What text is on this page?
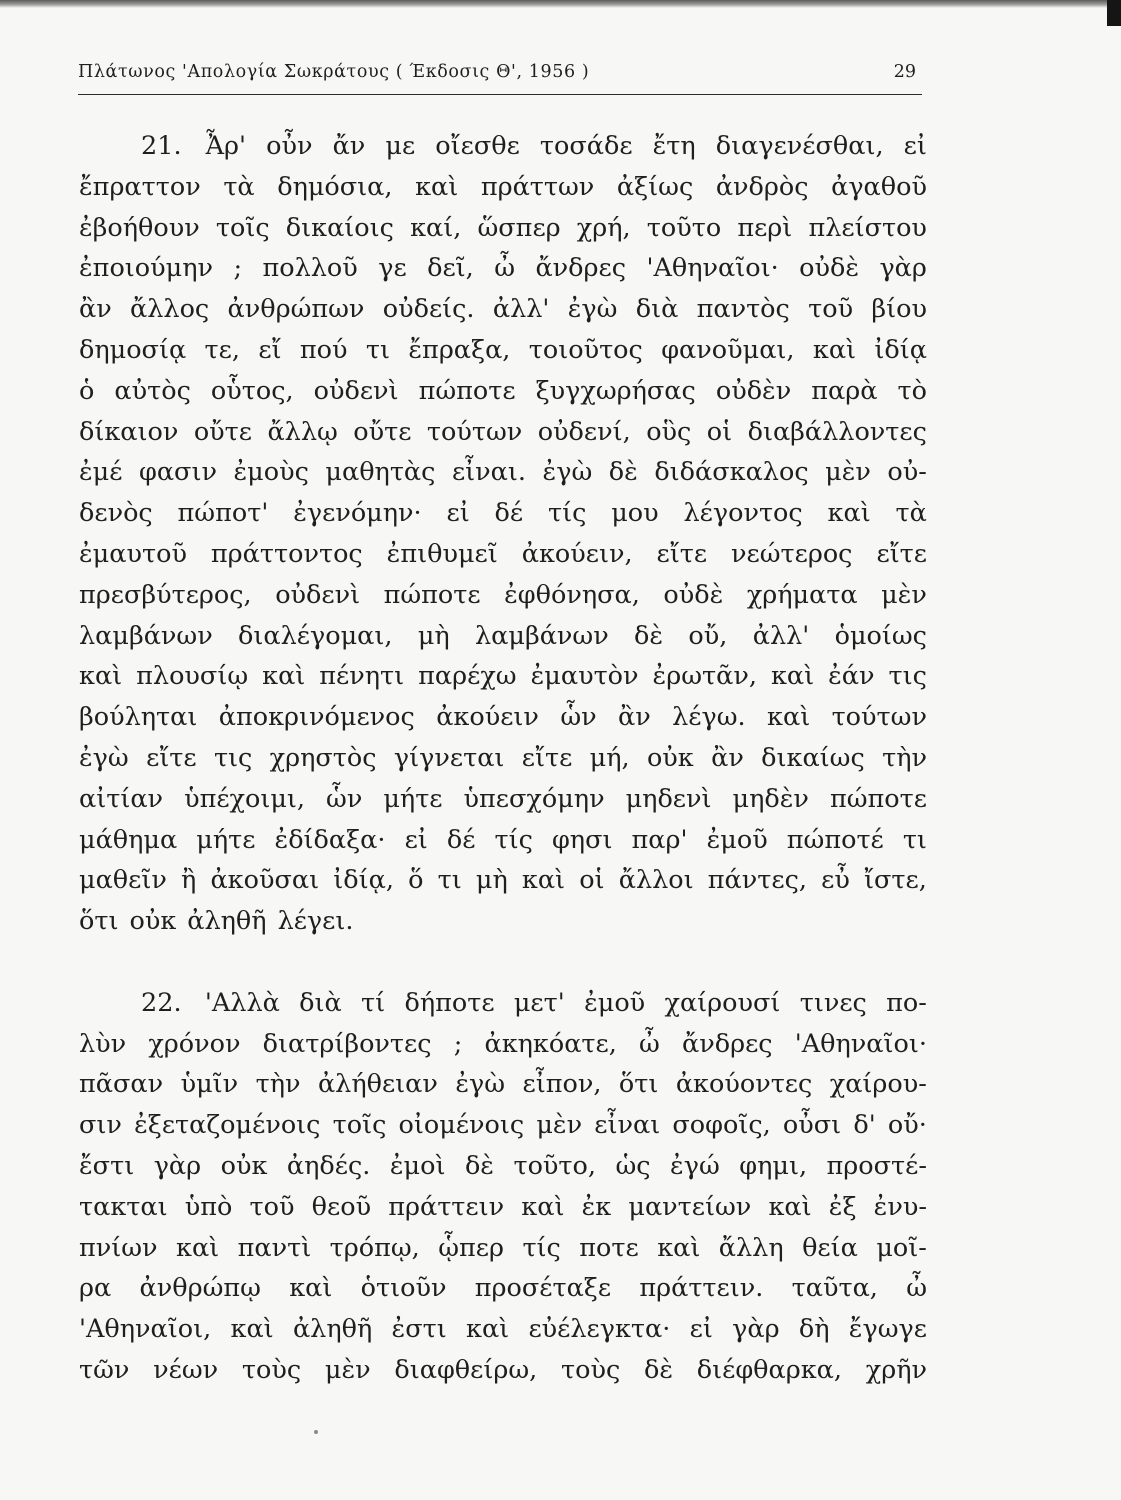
Πλάτωνος 'Απολογία Σωκράτους ( Έκδοσις Θ', 1956 )	29
21. Ἆρ' οὖν ἄν με οἴεσθε τοσάδε ἔτη διαγενέσθαι, εἰ
ἔπραττον τὰ δημόσια, καὶ πράττων ἀξίως ἀνδρὸς ἀγαθοῦ
ἐβοήθουν τοῖς δικαίοις καί, ὥσπερ χρή, τοῦτο περὶ πλείστου
ἐποιούμην ; πολλοῦ γε δεῖ, ὦ ἄνδρες 'Αθηναῖοι· οὐδὲ γὰρ
ἂν ἄλλος ἀνθρώπων οὐδείς. ἀλλ' ἐγὼ διὰ παντὸς τοῦ βίου
δημοσίᾳ τε, εἴ πού τι ἔπραξα, τοιοῦτος φανοῦμαι, καὶ ἰδίᾳ
ὁ αὐτὸς οὗτος, οὐδενὶ πώποτε ξυγχωρήσας οὐδὲν παρὰ τὸ
δίκαιον οὔτε ἄλλῳ οὔτε τούτων οὐδενί, οὓς οἱ διαβάλλοντες
ἐμέ φασιν ἐμοὺς μαθητὰς εἶναι. ἐγὼ δὲ διδάσκαλος μὲν οὐ-
δενὸς πώποτ' ἐγενόμην· εἰ δέ τίς μου λέγοντος καὶ τὰ
ἐμαυτοῦ πράττοντος ἐπιθυμεῖ ἀκούειν, εἴτε νεώτερος εἴτε
πρεσβύτερος, οὐδενὶ πώποτε ἐφθόνησα, οὐδὲ χρήματα μὲν
λαμβάνων διαλέγομαι, μὴ λαμβάνων δὲ οὔ, ἀλλ' ὁμοίως
καὶ πλουσίῳ καὶ πένητι παρέχω ἐμαυτὸν ἐρωτᾶν, καὶ ἐάν τις
βούληται ἀποκρινόμενος ἀκούειν ὧν ἂν λέγω. καὶ τούτων
ἐγὼ εἴτε τις χρηστὸς γίγνεται εἴτε μή, οὐκ ἂν δικαίως τὴν
αἰτίαν ὑπέχοιμι, ὧν μήτε ὑπεσχόμην μηδενὶ μηδὲν πώποτε
μάθημα μήτε ἐδίδαξα· εἰ δέ τίς φησι παρ' ἐμοῦ πώποτέ τι
μαθεῖν ἢ ἀκοῦσαι ἰδίᾳ, ὅ τι μὴ καὶ οἱ ἄλλοι πάντες, εὖ ἴστε,
ὅτι οὐκ ἀληθῆ λέγει.
22. 'Αλλὰ διὰ τί δήποτε μετ' ἐμοῦ χαίρουσί τινες πο-
λὺν χρόνον διατρίβοντες ; ἀκηκόατε, ὦ ἄνδρες 'Αθηναῖοι·
πᾶσαν ὑμῖν τὴν ἀλήθειαν ἐγὼ εἶπον, ὅτι ἀκούοντες χαίρου-
σιν ἐξεταζομένοις τοῖς οἰομένοις μὲν εἶναι σοφοῖς, οὖσι δ' οὔ·
ἔστι γὰρ οὐκ ἀηδές. ἐμοὶ δὲ τοῦτο, ὡς ἐγώ φημι, προστέ-
τακται ὑπὸ τοῦ θεοῦ πράττειν καὶ ἐκ μαντείων καὶ ἐξ ἐνυ-
πνίων καὶ παντὶ τρόπῳ, ᾧπερ τίς ποτε καὶ ἄλλη θεία μοῖ-
ρα ἀνθρώπῳ καὶ ὁτιοῦν προσέταξε πράττειν. ταῦτα, ὦ
'Αθηναῖοι, καὶ ἀληθῆ ἐστι καὶ εὐέλεγκτα· εἰ γὰρ δὴ ἔγωγε
τῶν νέων τοὺς μὲν διαφθείρω, τοὺς δὲ διέφθαρκα, χρῆν
